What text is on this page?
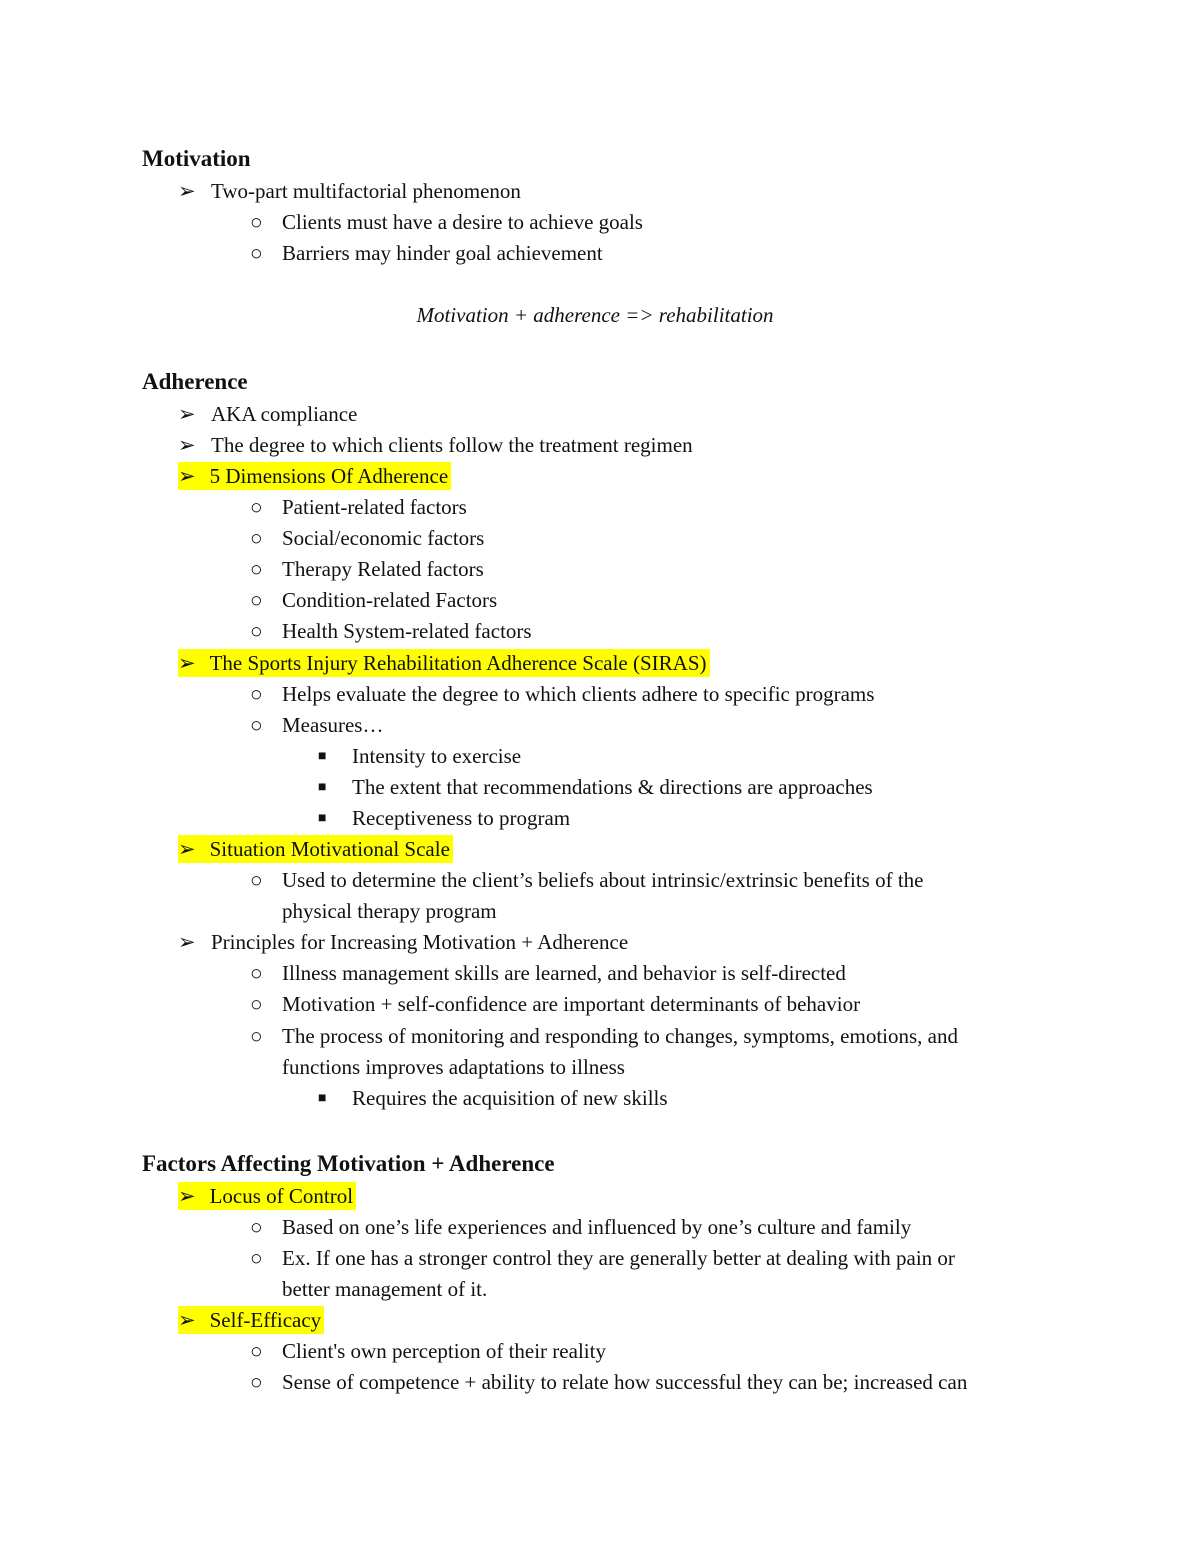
Motivation
➢ Two-part multifactorial phenomenon
○ Clients must have a desire to achieve goals
○ Barriers may hinder goal achievement
Motivation + adherence => rehabilitation
Adherence
➢ AKA compliance
➢ The degree to which clients follow the treatment regimen
➢ 5 Dimensions Of Adherence
○ Patient-related factors
○ Social/economic factors
○ Therapy Related factors
○ Condition-related Factors
○ Health System-related factors
➢ The Sports Injury Rehabilitation Adherence Scale (SIRAS)
○ Helps evaluate the degree to which clients adhere to specific programs
○ Measures…
■ Intensity to exercise
■ The extent that recommendations & directions are approaches
■ Receptiveness to program
➢ Situation Motivational Scale
○ Used to determine the client’s beliefs about intrinsic/extrinsic benefits of the
physical therapy program
➢ Principles for Increasing Motivation + Adherence
○ Illness management skills are learned, and behavior is self-directed
○ Motivation + self-confidence are important determinants of behavior
○ The process of monitoring and responding to changes, symptoms, emotions, and
functions improves adaptations to illness
■ Requires the acquisition of new skills
Factors Affecting Motivation + Adherence
➢ Locus of Control
○ Based on one’s life experiences and influenced by one’s culture and family
○ Ex. If one has a stronger control they are generally better at dealing with pain or
better management of it.
➢ Self-Efficacy
○ Client's own perception of their reality
○ Sense of competence + ability to relate how successful they can be; increased can
